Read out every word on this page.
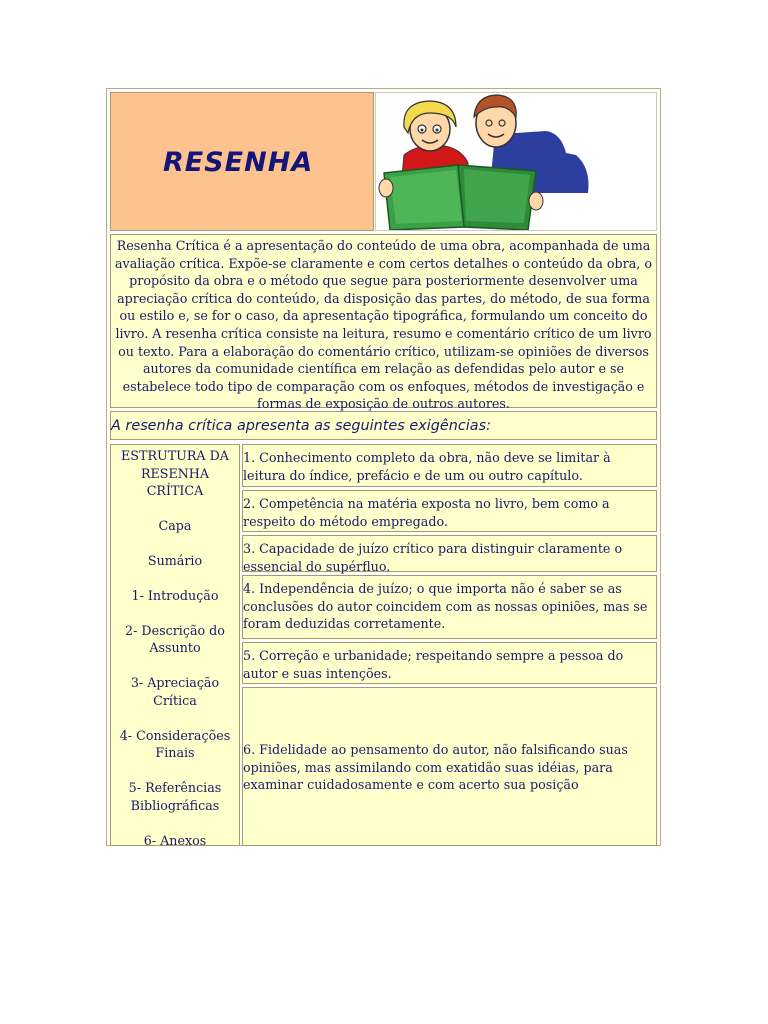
RESENHA
Resenha Crítica é a apresentação do conteúdo de uma obra, acompanhada de uma avaliação crítica. Expõe-se claramente e com certos detalhes o conteúdo da obra, o propósito da obra e o método que segue para posteriormente desenvolver uma apreciação crítica do conteúdo, da disposição das partes, do método, de sua forma ou estilo e, se for o caso, da apresentação tipográfica, formulando um conceito do livro. A resenha crítica consiste na leitura, resumo e comentário crítico de um livro ou texto. Para a elaboração do comentário crítico, utilizam-se opiniões de diversos autores da comunidade científica em relação as defendidas pelo autor e se estabelece todo tipo de comparação com os enfoques, métodos de investigação e formas de exposição de outros autores.
A resenha crítica apresenta as seguintes exigências:
ESTRUTURA DA RESENHA CRÍTICA
Capa
Sumário
1- Introdução
2- Descrição do Assunto
3- Apreciação Crítica
4- Considerações Finais
5- Referências Bibliográficas
6- Anexos
1. Conhecimento completo da obra, não deve se limitar à leitura do índice, prefácio e de um ou outro capítulo.
2. Competência na matéria exposta no livro, bem como a respeito do método empregado.
3. Capacidade de juízo crítico para distinguir claramente o essencial do supérfluo.
4. Independência de juízo; o que importa não é saber se as conclusões do autor coincidem com as nossas opiniões, mas se foram deduzidas corretamente.
5. Correção e urbanidade; respeitando sempre a pessoa do autor e suas intenções.
6. Fidelidade ao pensamento do autor, não falsificando suas opiniões, mas assimilando com exatidão suas idéias, para examinar cuidadosamente e com acerto sua posição
